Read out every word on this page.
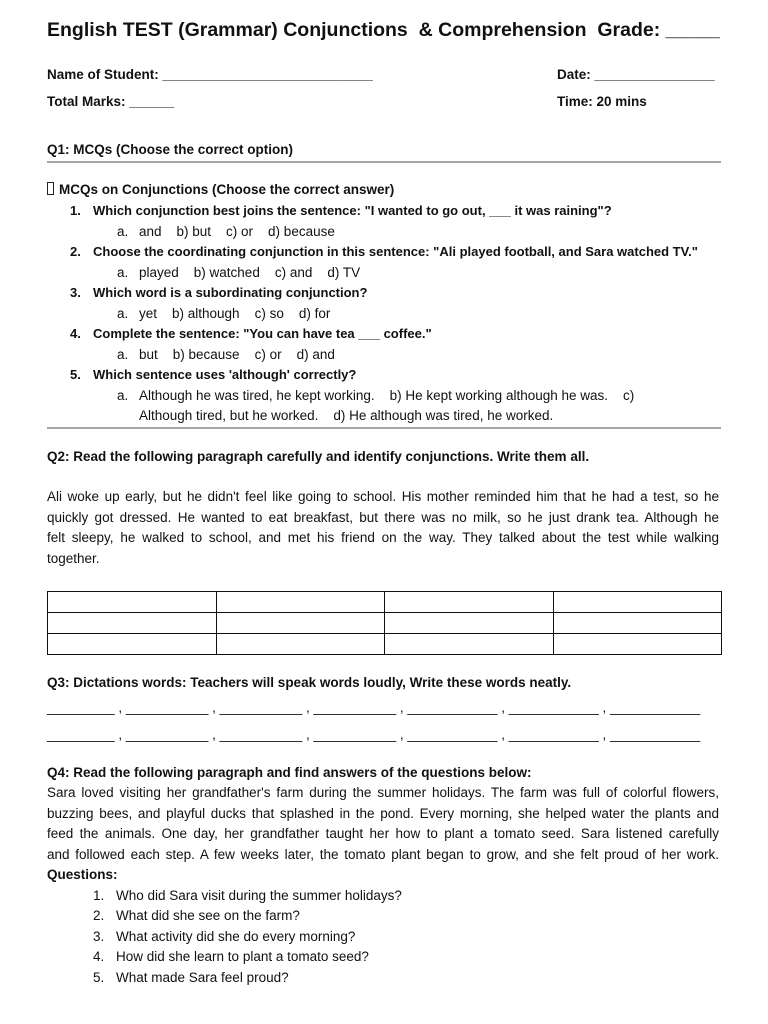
English TEST (Grammar) Conjunctions  & Comprehension  Grade: _____

Name of Student: ____________________________

	Date: ________________

Total Marks: ______

	Time: 20 mins

Q1: MCQs (Choose the correct option)
MCQs on Conjunctions (Choose the correct answer)
1. Which conjunction best joins the sentence: "I wanted to go out, ___ it was raining"?
a. and    b) but    c) or    d) because
2. Choose the coordinating conjunction in this sentence: "Ali played football, and Sara watched TV."
a. played    b) watched    c) and    d) TV
3. Which word is a subordinating conjunction?
a. yet    b) although    c) so    d) for
4. Complete the sentence: "You can have tea ___ coffee."
a. but    b) because    c) or    d) and
5. Which sentence uses 'although' correctly?
a. Although he was tired, he kept working.    b) He kept working although he was.    c) Although tired, but he worked.    d) He although was tired, he worked.
Q2: Read the following paragraph carefully and identify conjunctions. Write them all.
Ali woke up early, but he didn't feel like going to school. His mother reminded him that he had a test, so he
quickly got dressed. He wanted to eat breakfast, but there was no milk, so he just drank tea. Although he
felt sleepy, he walked to school, and met his friend on the way. They talked about the test while walking
together.

Q3: Dictations words: Teachers will speak words loudly, Write these words neatly.
_________ , ___________ , ___________ , ___________ , ____________ , ____________ , ____________
_________ , ___________ , ___________ , ___________ , ____________ , ____________ , ____________
Q4: Read the following paragraph and find answers of the questions below:
Sara loved visiting her grandfather's farm during the summer holidays. The farm was full of colorful flowers,
buzzing bees, and playful ducks that splashed in the pond. Every morning, she helped water the plants and
feed the animals. One day, her grandfather taught her how to plant a tomato seed. Sara listened carefully
and followed each step. A few weeks later, the tomato plant began to grow, and she felt proud of her work.
Questions:
1. Who did Sara visit during the summer holidays?
2. What did she see on the farm?
3. What activity did she do every morning?
4. How did she learn to plant a tomato seed?
5. What made Sara feel proud?
